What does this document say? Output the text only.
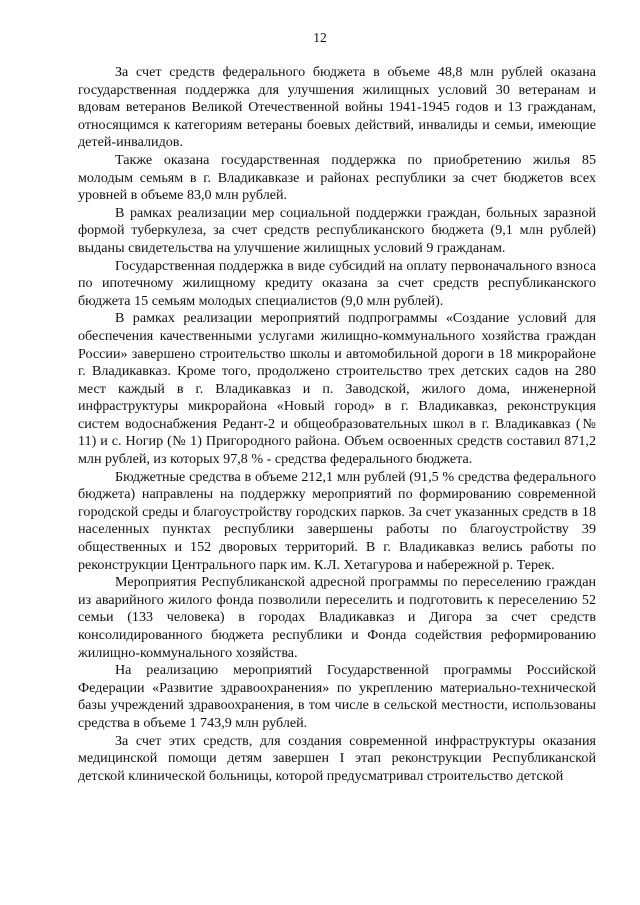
12

За счет средств федерального бюджета в объеме 48,8 млн рублей оказана государственная поддержка для улучшения жилищных условий 30 ветеранам и вдовам ветеранов Великой Отечественной войны 1941-1945 годов и 13 гражданам, относящимся к категориям ветераны боевых действий, инвалиды и семьи, имеющие детей-инвалидов.

Также оказана государственная поддержка по приобретению жилья 85 молодым семьям в г. Владикавказе и районах республики за счет бюджетов всех уровней в объеме 83,0 млн рублей.

В рамках реализации мер социальной поддержки граждан, больных заразной формой туберкулеза, за счет средств республиканского бюджета (9,1 млн рублей) выданы свидетельства на улучшение жилищных условий 9 гражданам.

Государственная поддержка в виде субсидий на оплату первоначального взноса по ипотечному жилищному кредиту оказана за счет средств республиканского бюджета 15 семьям молодых специалистов (9,0 млн рублей).

В рамках реализации мероприятий подпрограммы «Создание условий для обеспечения качественными услугами жилищно-коммунального хозяйства граждан России» завершено строительство школы и автомобильной дороги в 18 микрорайоне г. Владикавказ. Кроме того, продолжено строительство трех детских садов на 280 мест каждый в г. Владикавказ и п. Заводской, жилого дома, инженерной инфраструктуры микрорайона «Новый город» в г. Владикавказ, реконструкция систем водоснабжения Редант-2 и общеобразовательных школ в г. Владикавказ (№ 11) и с. Ногир (№ 1) Пригородного района. Объем освоенных средств составил 871,2 млн рублей, из которых 97,8 % - средства федерального бюджета.

Бюджетные средства в объеме 212,1 млн рублей (91,5 % средства федерального бюджета) направлены на поддержку мероприятий по формированию современной городской среды и благоустройству городских парков. За счет указанных средств в 18 населенных пунктах республики завершены работы по благоустройству 39 общественных и 152 дворовых территорий. В г. Владикавказ велись работы по реконструкции Центрального парк им. К.Л. Хетагурова и набережной р. Терек.

Мероприятия Республиканской адресной программы по переселению граждан из аварийного жилого фонда позволили переселить и подготовить к переселению 52 семьи (133 человека) в городах Владикавказ и Дигора за счет средств консолидированного бюджета республики и Фонда содействия реформированию жилищно-коммунального хозяйства.

На реализацию мероприятий Государственной программы Российской Федерации «Развитие здравоохранения» по укреплению материально-технической базы учреждений здравоохранения, в том числе в сельской местности, использованы средства в объеме 1 743,9 млн рублей.

За счет этих средств, для создания современной инфраструктуры оказания медицинской помощи детям завершен I этап реконструкции Республиканской детской клинической больницы, которой предусматривал строительство детской
